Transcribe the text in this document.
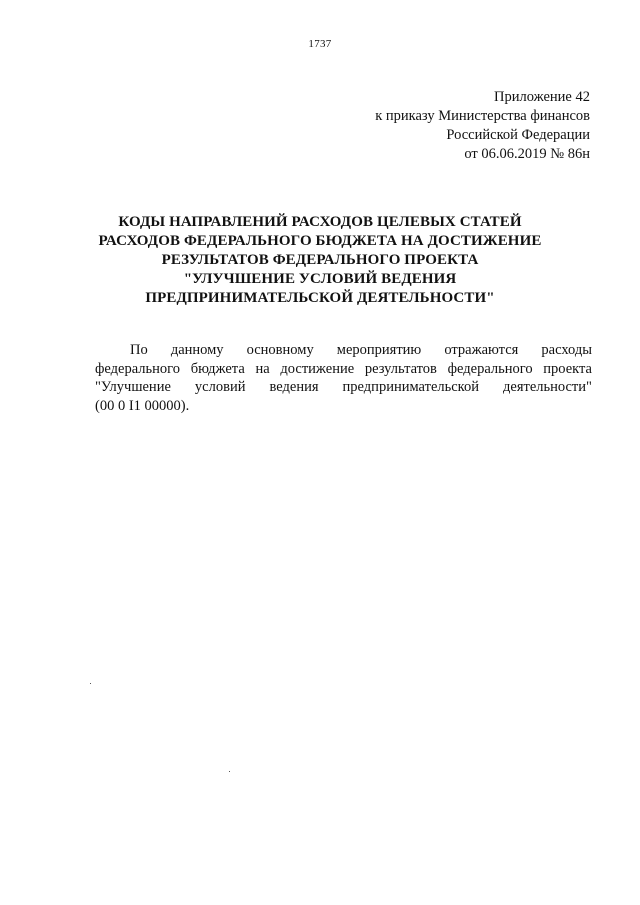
1737
Приложение 42
к приказу Министерства финансов
Российской Федерации
от 06.06.2019 № 86н
КОДЫ НАПРАВЛЕНИЙ РАСХОДОВ ЦЕЛЕВЫХ СТАТЕЙ
РАСХОДОВ ФЕДЕРАЛЬНОГО БЮДЖЕТА НА ДОСТИЖЕНИЕ
РЕЗУЛЬТАТОВ ФЕДЕРАЛЬНОГО ПРОЕКТА
"УЛУЧШЕНИЕ УСЛОВИЙ ВЕДЕНИЯ
ПРЕДПРИНИМАТЕЛЬСКОЙ ДЕЯТЕЛЬНОСТИ"
По данному основному мероприятию отражаются расходы
федерального бюджета на достижение результатов федерального проекта
"Улучшение условий ведения предпринимательской деятельности"
(00 0 I1 00000).
